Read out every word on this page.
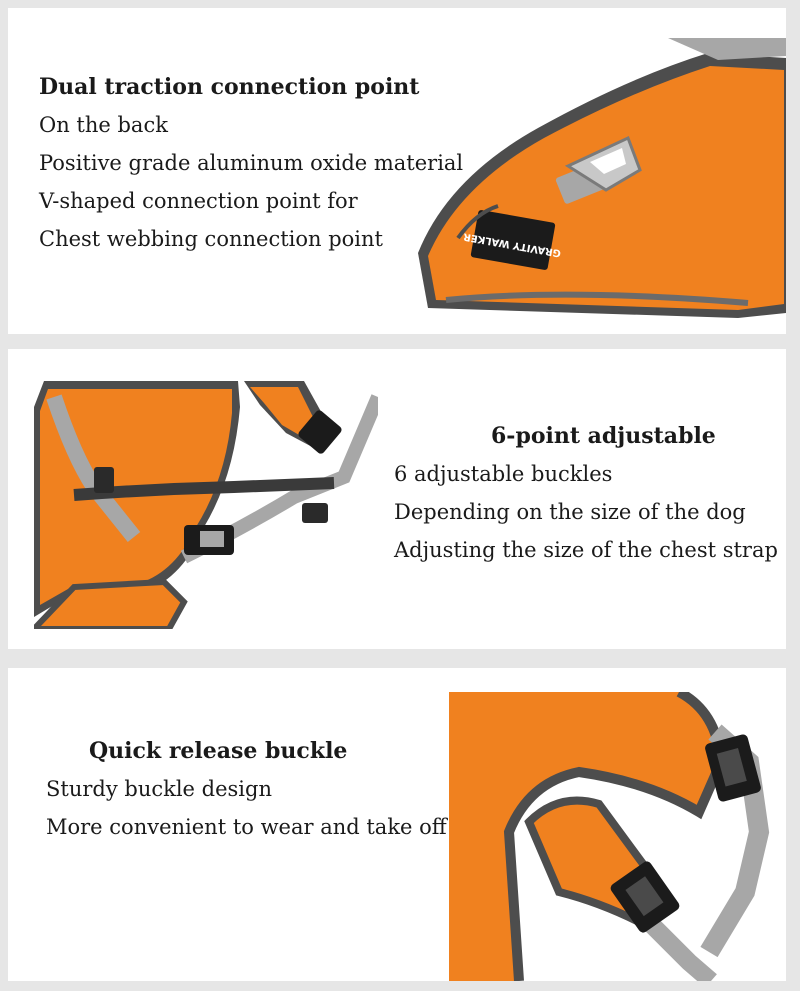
Dual traction connection point
On the back
Positive grade aluminum oxide material
V-shaped connection point for
Chest webbing connection point	GRAVITY WALKER
6-point adjustable
6 adjustable buckles
Depending on the size of the dog
Adjusting the size of the chest strap
Quick release buckle
Sturdy buckle design
More convenient to wear and take off
